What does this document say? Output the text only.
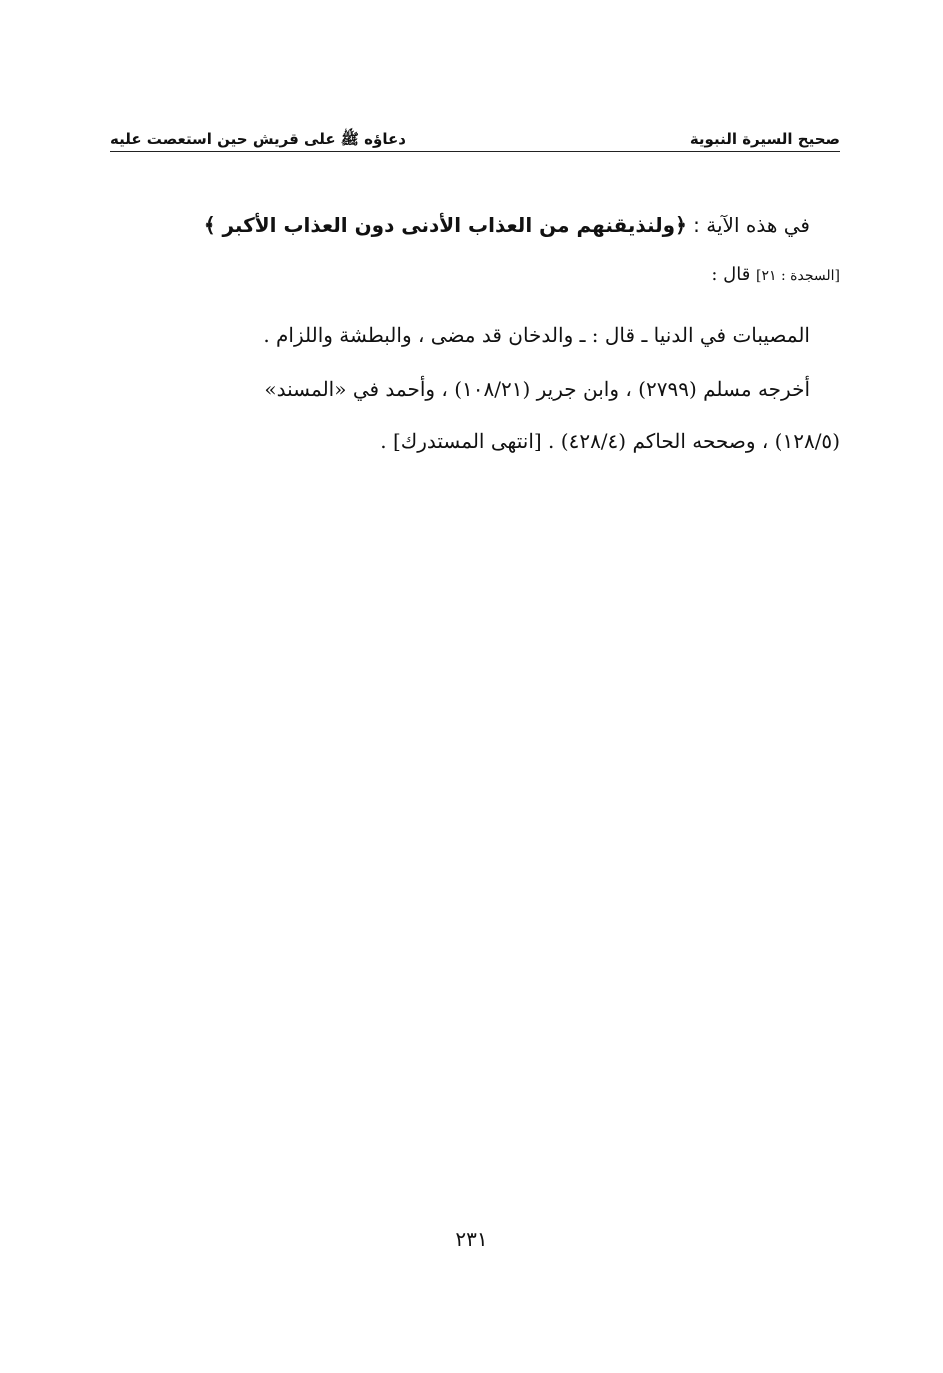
صحيح السيرة النبوية
دعاؤه ﷺ على قريش حين استعصت عليه
في هذه الآية : ﴿ولنذيقنهم من العذاب الأدنى دون العذاب الأكبر ﴾
[السجدة : ٢١] قال :
المصيبات في الدنيا ـ قال : ـ والدخان قد مضى ، والبطشة واللزام .
أخرجه مسلم (٢٧٩٩) ، وابن جرير (١٠٨/٢١) ، وأحمد في «المسند»
(١٢٨/٥) ، وصححه الحاكم (٤٢٨/٤) . [انتهى المستدرك] .
٢٣١
